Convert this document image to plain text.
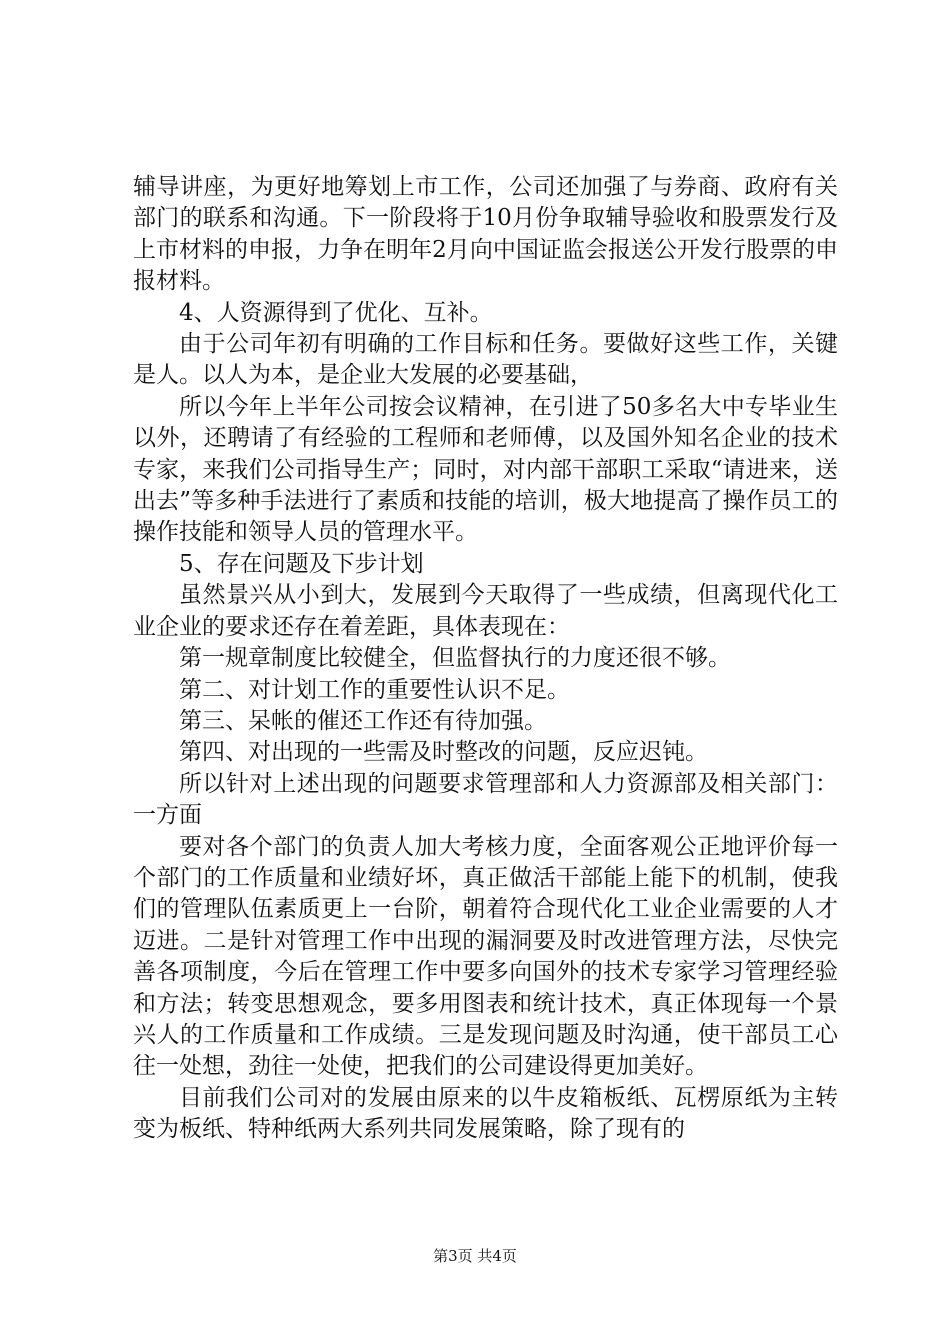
辅导讲座，为更好地筹划上市工作，公司还加强了与券商、政府有关部门的联系和沟通。下一阶段将于10月份争取辅导验收和股票发行及上市材料的申报，力争在明年2月向中国证监会报送公开发行股票的申报材料。

4、人资源得到了优化、互补。

由于公司年初有明确的工作目标和任务。要做好这些工作，关键是人。以人为本，是企业大发展的必要基础，

所以今年上半年公司按会议精神，在引进了50多名大中专毕业生以外，还聘请了有经验的工程师和老师傅，以及国外知名企业的技术专家，来我们公司指导生产；同时，对内部干部职工采取“请进来，送出去”等多种手法进行了素质和技能的培训，极大地提高了操作员工的操作技能和领导人员的管理水平。

5、存在问题及下步计划

虽然景兴从小到大，发展到今天取得了一些成绩，但离现代化工业企业的要求还存在着差距，具体表现在：

第一规章制度比较健全，但监督执行的力度还很不够。

第二、对计划工作的重要性认识不足。

第三、呆帐的催还工作还有待加强。

第四、对出现的一些需及时整改的问题，反应迟钝。

所以针对上述出现的问题要求管理部和人力资源部及相关部门：一方面

要对各个部门的负责人加大考核力度，全面客观公正地评价每一个部门的工作质量和业绩好坏，真正做活干部能上能下的机制，使我们的管理队伍素质更上一台阶，朝着符合现代化工业企业需要的人才迈进。二是针对管理工作中出现的漏洞要及时改进管理方法，尽快完善各项制度，今后在管理工作中要多向国外的技术专家学习管理经验和方法；转变思想观念，要多用图表和统计技术，真正体现每一个景兴人的工作质量和工作成绩。三是发现问题及时沟通，使干部员工心往一处想，劲往一处使，把我们的公司建设得更加美好。

目前我们公司对的发展由原来的以牛皮箱板纸、瓦楞原纸为主转变为板纸、特种纸两大系列共同发展策略，除了现有的

第3页 共4页
